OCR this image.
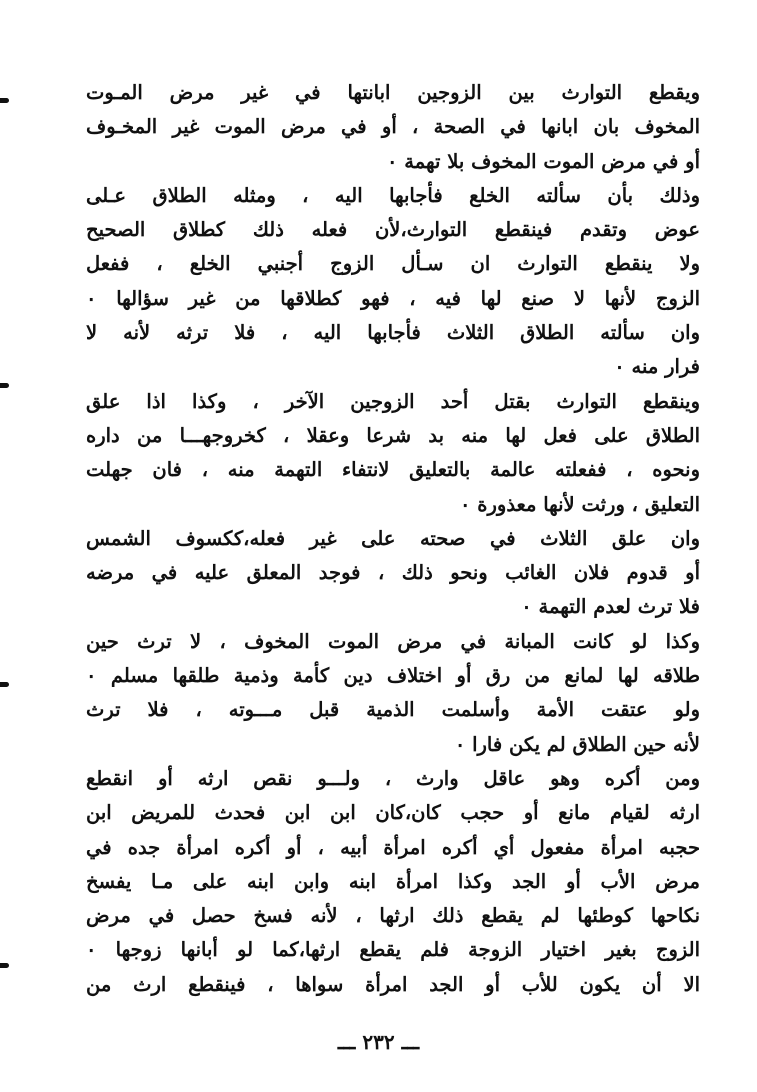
ويقطع التوارث بين الزوجين ابانتها في غير مرض المـوت
المخوف بان ابانها في الصحة ، أو في مرض الموت غير المخـوف
أو في مرض الموت المخوف بلا تهمة ٠
وذلك بأن سألته الخلع فأجابها اليه ، ومثله الطلاق عـلى
عوض وتقدم فينقطع التوارث،لأن فعله ذلك كطلاق الصحيح
ولا ينقطع التوارث ان سـأل الزوج أجنبي الخلع ، ففعل
الزوج لأنها لا صنع لها فيه ، فهو كطلاقها من غير سؤالها ٠
وان سألته الطلاق الثلاث فأجابها اليه ، فلا ترثه لأنه لا
فرار منه ٠
وينقطع التوارث بقتل أحد الزوجين الآخر ، وكذا اذا علق
الطلاق على فعل لها منه بد شرعا وعقلا ، كخروجهـــا من داره
ونحوه ، ففعلته عالمة بالتعليق لانتفاء التهمة منه ، فان جهلت
التعليق ، ورثت لأنها معذورة ٠
وان علق الثلاث في صحته على غير فعله،ككسوف الشمس
أو قدوم فلان الغائب ونحو ذلك ، فوجد المعلق عليه في مرضه
فلا ترث لعدم التهمة ٠
وكذا لو كانت المبانة في مرض الموت المخوف ، لا ترث حين
طلاقه لها لمانع من رق أو اختلاف دين كأمة وذمية طلقها مسلم ٠
ولو عتقت الأمة وأسلمت الذمية قبل مـــوته ، فلا ترث
لأنه حين الطلاق لم يكن فارا ٠
ومن أكره وهو عاقل وارث ، ولـــو نقص ارثه أو انقطع
ارثه لقيام مانع أو حجب كان،كان ابن ابن فحدث للمريض ابن
حجبه امرأة مفعول أي أكره امرأة أبيه ، أو أكره امرأة جده في
مرض الأب أو الجد وكذا امرأة ابنه وابن ابنه على مـا يفسخ
نكاحها كوطئها لم يقطع ذلك ارثها ، لأنه فسخ حصل في مرض
الزوج بغير اختيار الزوجة فلم يقطع ارثها،كما لو أبانها زوجها ٠
الا أن يكون للأب أو الجد امرأة سواها ، فينقطع ارث من
ـــ ٢٣٢ ـــ
